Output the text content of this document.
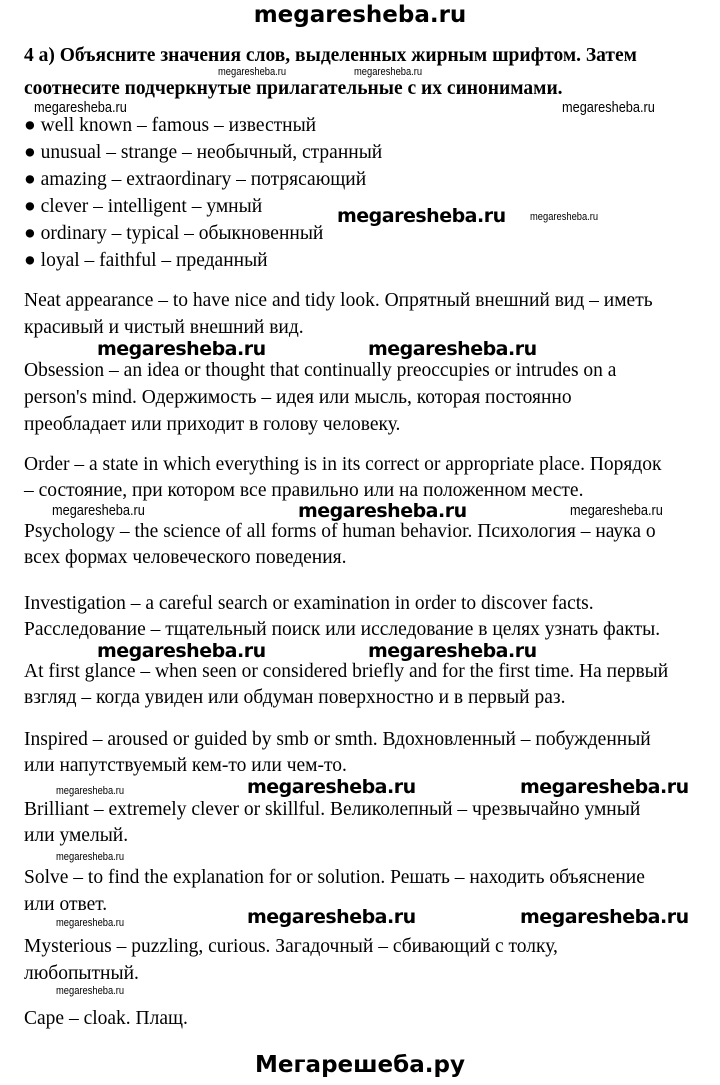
megaresheba.ru
4 а) Объясните значения слов, выделенных жирным шрифтом. Затем
соотнесите подчеркнутые прилагательные с их синонимами.
● well known – famous – известный
● unusual – strange – необычный, странный
● amazing – extraordinary – потрясающий
● clever – intelligent – умный
● ordinary – typical – обыкновенный
● loyal – faithful – преданный
Neat appearance – to have nice and tidy look. Опрятный внешний вид – иметь
красивый и чистый внешний вид.
Obsession – an idea or thought that continually preoccupies or intrudes on a
person's mind. Одержимость – идея или мысль, которая постоянно
преобладает или приходит в голову человеку.
Order – a state in which everything is in its correct or appropriate place. Порядок
– состояние, при котором все правильно или на положенном месте.
Psychology – the science of all forms of human behavior. Психология – наука о
всех формах человеческого поведения.
Investigation – a careful search or examination in order to discover facts.
Расследование – тщательный поиск или исследование в целях узнать факты.
At first glance – when seen or considered briefly and for the first time. На первый
взгляд – когда увиден или обдуман поверхностно и в первый раз.
Inspired – aroused or guided by smb or smth. Вдохновленный – побужденный
или напутствуемый кем-то или чем-то.
Brilliant – extremely clever or skillful. Великолепный – чрезвычайно умный
или умелый.
Solve – to find the explanation for or solution. Решать – находить объяснение
или ответ.
Mysterious – puzzling, curious. Загадочный – сбивающий с толку,
любопытный.
Cape – cloak. Плащ.
megaresheba.ru	megaresheba.ru
megaresheba.ru
megaresheba.ru
megaresheba.ru
megaresheba.ru
megaresheba.ru	megaresheba.ru
megaresheba.ru	megaresheba.ru	megaresheba.ru
megaresheba.ru	megaresheba.ru
megaresheba.ru	megaresheba.ru	megaresheba.ru
megaresheba.ru
megaresheba.ru	megaresheba.ru	megaresheba.ru
megaresheba.ru
Мегарешеба.ру
